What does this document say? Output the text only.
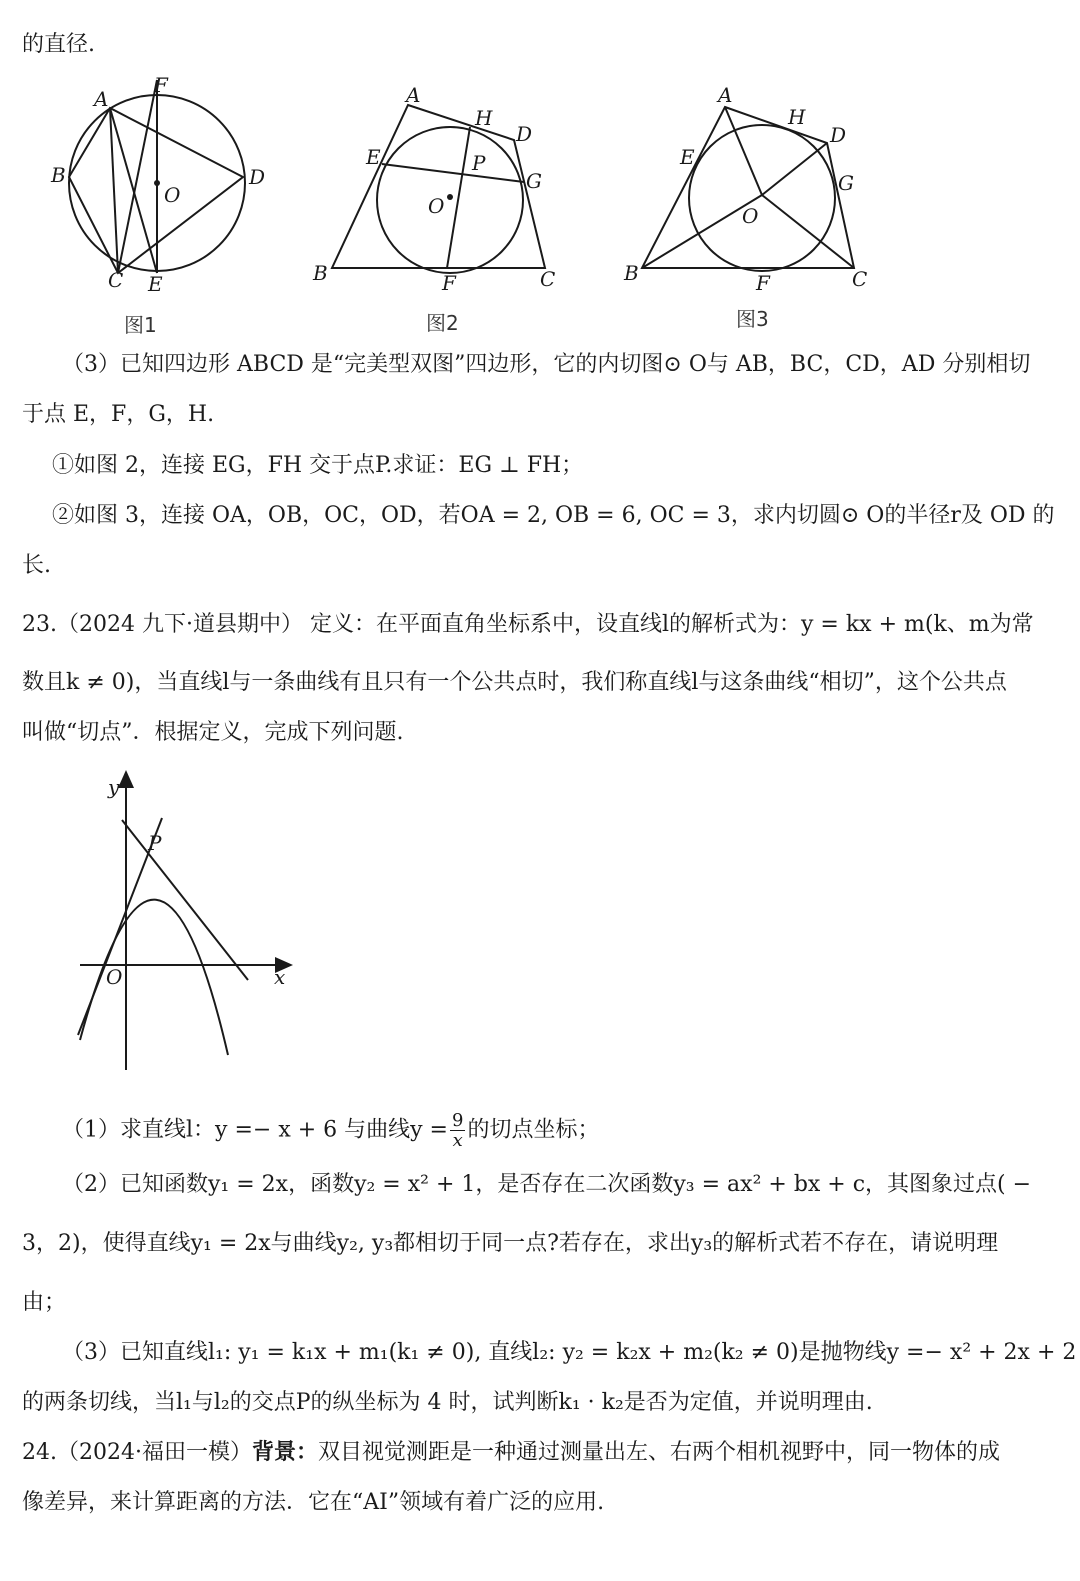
的直径.
A
F
B
O
D
C E
图1
A
H
D
E	P
G
O
B	F	C
图2
A
H
D
E
G
O
B	F	C
图3
（3）已知四边形 ABCD 是“完美型双图”四边形，它的内切图⊙ O与 AB，BC，CD，AD 分别相切
于点 E，F，G，H.
①如图 2，连接 EG，FH 交于点P.求证：EG ⊥ FH；
②如图 3，连接 OA，OB，OC，OD，若OA = 2, OB = 6, OC = 3，求内切圆⊙ O的半径r及 OD 的
长.
23.（2024 九下·道县期中） 定义：在平面直角坐标系中，设直线l的解析式为：y = kx + m(k、m为常
数且k ≠ 0)，当直线l与一条曲线有且只有一个公共点时，我们称直线l与这条曲线“相切”，这个公共点
叫做“切点”．根据定义，完成下列问题.
y
P
O	x
（1）求直线l：y =− x + 6 与曲线$y = \frac{9}{x}$ 的切点坐标；
（2）已知函数y₁ = 2x，函数y₂ = x² + 1，是否存在二次函数y₃ = ax² + bx + c，其图象过点( −
3，2)，使得直线y₁ = 2x与曲线y₂, y₃都相切于同一点?若存在，求出y₃的解析式若不存在，请说明理
由；
（3）已知直线l₁: y₁ = k₁x + m₁(k₁ ≠ 0), 直线l₂: y₂ = k₂x + m₂(k₂ ≠ 0)是抛物线y =− x² + 2x + 2
的两条切线，当l₁与l₂的交点P的纵坐标为 4 时，试判断k₁ · k₂是否为定值，并说明理由.
24.（2024·福田一模）背景：双目视觉测距是一种通过测量出左、右两个相机视野中，同一物体的成
像差异，来计算距离的方法．它在“AI”领域有着广泛的应用.
